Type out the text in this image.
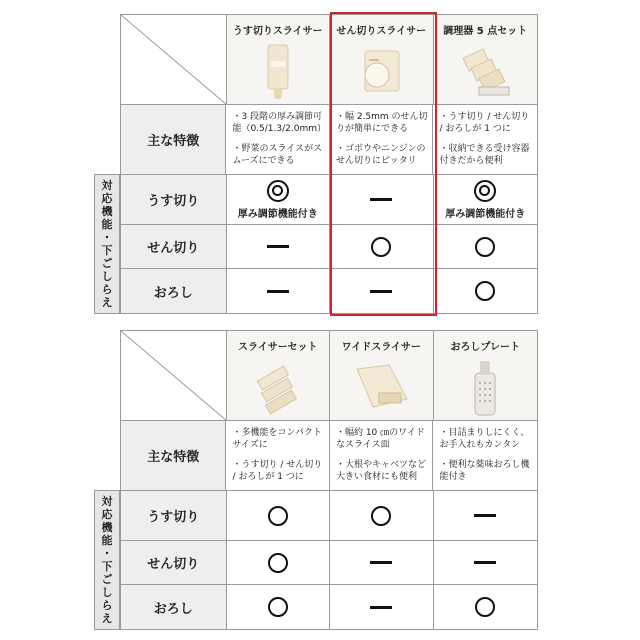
対
応
機
能
・
下
ご
し
ら
え
うす切りスライサー せん切りスライサー 調理器 5 点セット
主な特徴

・3 段階の厚み調節可能（0.5/1.3/2.0mm）

・野菜のスライスがスムーズにできる

・幅 2.5mm のせん切りが簡単にできる

・ゴボウやニンジンのせん切りにピッタリ

・うす切り / せん切り / おろしが 1 つに

・収納できる受け容器付きだから便利

うす切り
厚み調節機能付き	厚み調節機能付き
せん切り
おろし
対
応
機
能
・
下
ご
し
ら
え
スライサーセット ワイドスライサー	おろしプレート
主な特徴

・多機能をコンパクトサイズに

・うす切り / せん切り / おろしが 1 つに

・幅約 10 ㎝のワイドなスライス面

・大根やキャベツなど大きい食材にも便利

・目詰まりしにくく、お手入れもカンタン

・便利な薬味おろし機能付き

うす切り
せん切り
おろし
